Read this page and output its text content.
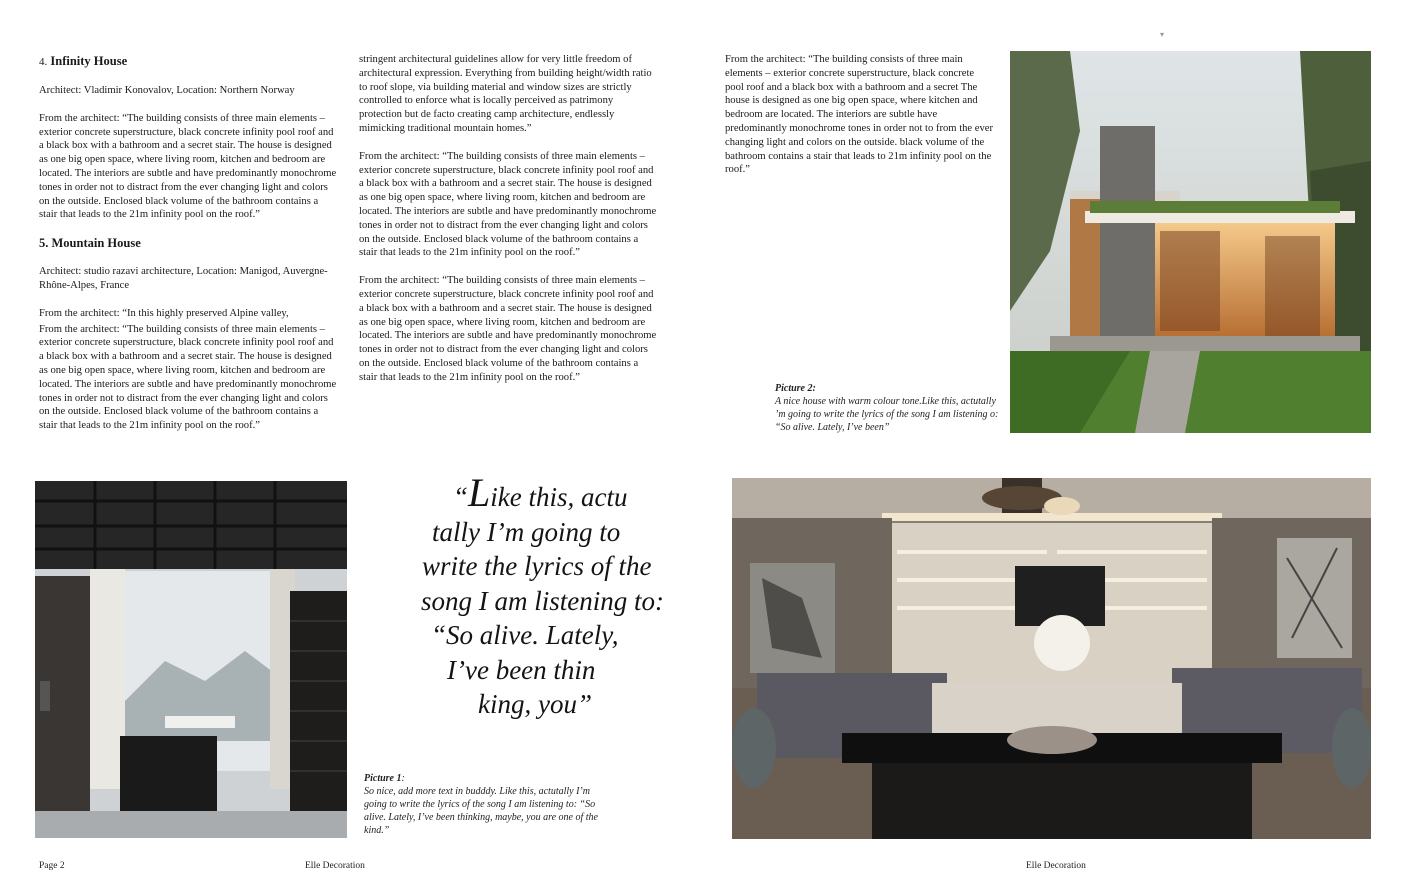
▾
4. Infinity House

Architect: Vladimir Konovalov, Location: Northern Norway

From the architect: “The building consists of three main elements – exterior concrete superstructure, black concrete infinity pool roof and a black box with a bathroom and a secret stair. The house is designed as one big open space, where living room, kitchen and bedroom are located. The interiors are subtle and have predominantly monochrome tones in order not to distract from the ever changing light and colors on the outside. Enclosed black volume of the bathroom contains a stair that leads to the 21m infinity pool on the roof.”

5. Mountain House

Architect: studio razavi architecture, Location: Manigod, Auvergne-Rhône-Alpes, France

From the architect: “In this highly preserved Alpine valley,

From the architect: “The building consists of three main elements – exterior concrete superstructure, black concrete infinity pool roof and a black box with a bathroom and a secret stair. The house is designed as one big open space, where living room, kitchen and bedroom are located. The interiors are subtle and have predominantly monochrome tones in order not to distract from the ever changing light and colors on the outside. Enclosed black volume of the bathroom contains a stair that leads to the 21m infinity pool on the roof.”

stringent architectural guidelines allow for very little freedom of architectural expression. Everything from building height/width ratio to roof slope, via building material and window sizes are strictly controlled to enforce what is locally perceived as patrimony protection but de facto creating camp architecture, endlessly mimicking traditional mountain homes.”

From the architect: “The building consists of three main elements – exterior concrete superstructure, black concrete infinity pool roof and a black box with a bathroom and a secret stair. The house is designed as one big open space, where living room, kitchen and bedroom are located. The interiors are subtle and have predominantly monochrome tones in order not to distract from the ever changing light and colors on the outside. Enclosed black volume of the bathroom contains a stair that leads to the 21m infinity pool on the roof.”

From the architect: “The building consists of three main elements – exterior concrete superstructure, black concrete infinity pool roof and a black box with a bathroom and a secret stair. The house is designed as one big open space, where living room, kitchen and bedroom are located. The interiors are subtle and have predominantly monochrome tones in order not to distract from the ever changing light and colors on the outside. Enclosed black volume of the bathroom contains a stair that leads to the 21m infinity pool on the roof.”

From the architect: “The building consists of three main elements – exterior concrete superstructure, black concrete pool roof and a black box with a bathroom and a secret The house is designed as one big open space, where kitchen and bedroom are located. The interiors are subtle have predominantly monochrome tones in order not to from the ever changing light and colors on the outside. black volume of the bathroom contains a stair that leads to 21m infinity pool on the roof.”

Picture 2:
A nice house with warm colour tone.Like this, actutally ’m going to write the lyrics of the song I am listening o: “So alive. Lately, I’ve been”
“Like this, actu
tally I’m going to
write the lyrics of the
song I am listening to:
“So alive. Lately,
I’ve been thin
king, you”
Picture 1:
So nice, add more text in budddy. Like this, actutally I’m going to write the lyrics of the song I am listening to: “So alive. Lately, I’ve been thinking, maybe, you are one of the kind.”
Page 2	Elle Decoration	Elle Decoration
